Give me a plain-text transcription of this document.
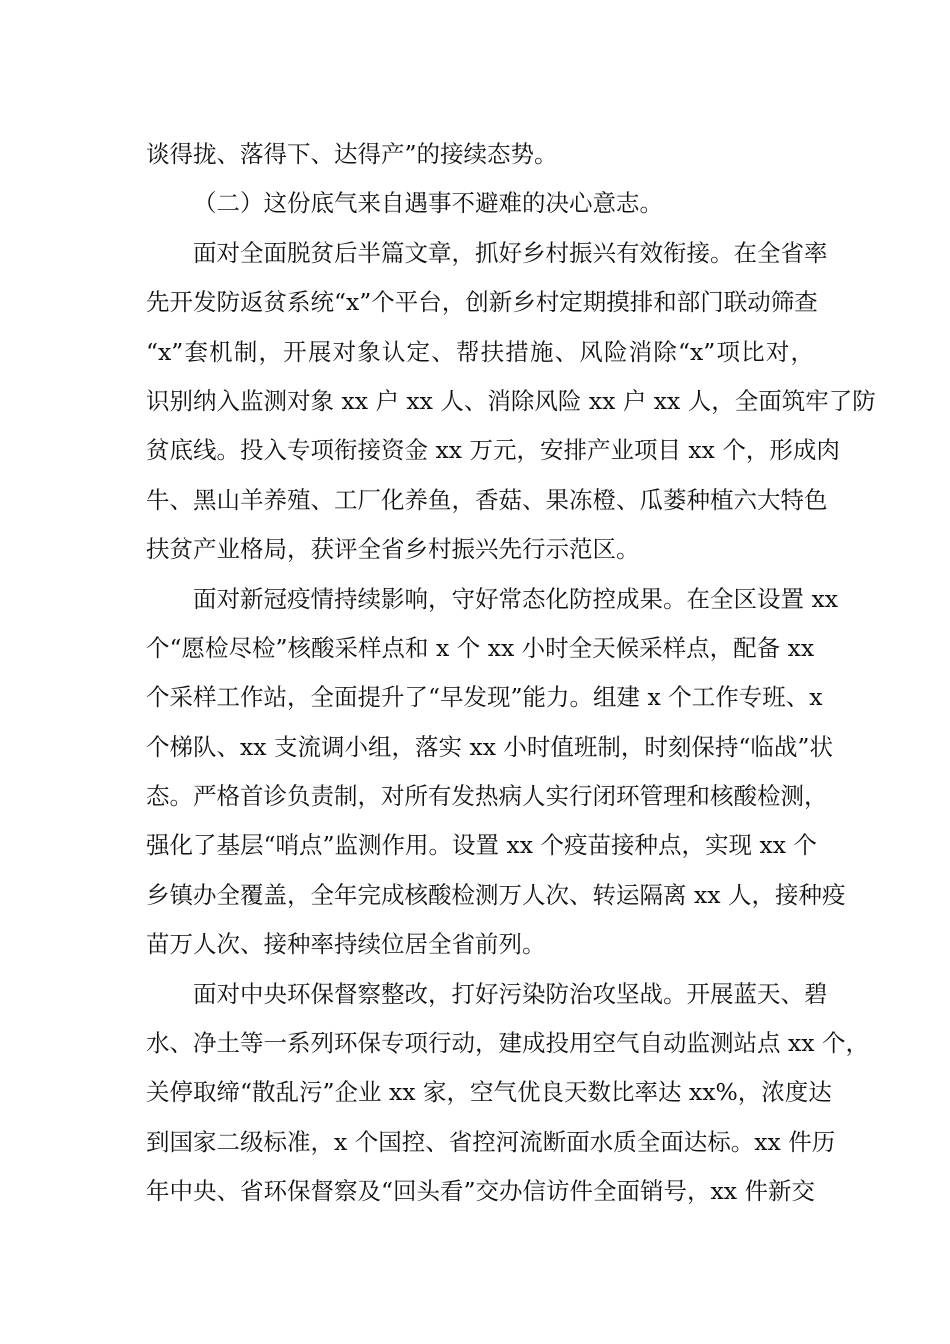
谈得拢、落得下、达得产”的接续态势。
（二）这份底气来自遇事不避难的决心意志。
面对全面脱贫后半篇文章，抓好乡村振兴有效衔接。在全省率
先开发防返贫系统“x”个平台，创新乡村定期摸排和部门联动筛查
“x”套机制，开展对象认定、帮扶措施、风险消除“x”项比对，
识别纳入监测对象 xx 户 xx 人、消除风险 xx 户 xx 人，全面筑牢了防
贫底线。投入专项衔接资金 xx 万元，安排产业项目 xx 个，形成肉
牛、黑山羊养殖、工厂化养鱼，香菇、果冻橙、瓜蒌种植六大特色
扶贫产业格局，获评全省乡村振兴先行示范区。
面对新冠疫情持续影响，守好常态化防控成果。在全区设置 xx
个“愿检尽检”核酸采样点和 x 个 xx 小时全天候采样点，配备 xx
个采样工作站，全面提升了“早发现”能力。组建 x 个工作专班、x
个梯队、xx 支流调小组，落实 xx 小时值班制，时刻保持“临战”状
态。严格首诊负责制，对所有发热病人实行闭环管理和核酸检测，
强化了基层“哨点”监测作用。设置 xx 个疫苗接种点，实现 xx 个
乡镇办全覆盖，全年完成核酸检测万人次、转运隔离 xx 人，接种疫
苗万人次、接种率持续位居全省前列。
面对中央环保督察整改，打好污染防治攻坚战。开展蓝天、碧
水、净土等一系列环保专项行动，建成投用空气自动监测站点 xx 个，
关停取缔“散乱污”企业 xx 家，空气优良天数比率达 xx%，浓度达
到国家二级标准，x 个国控、省控河流断面水质全面达标。xx 件历
年中央、省环保督察及“回头看”交办信访件全面销号，xx 件新交
